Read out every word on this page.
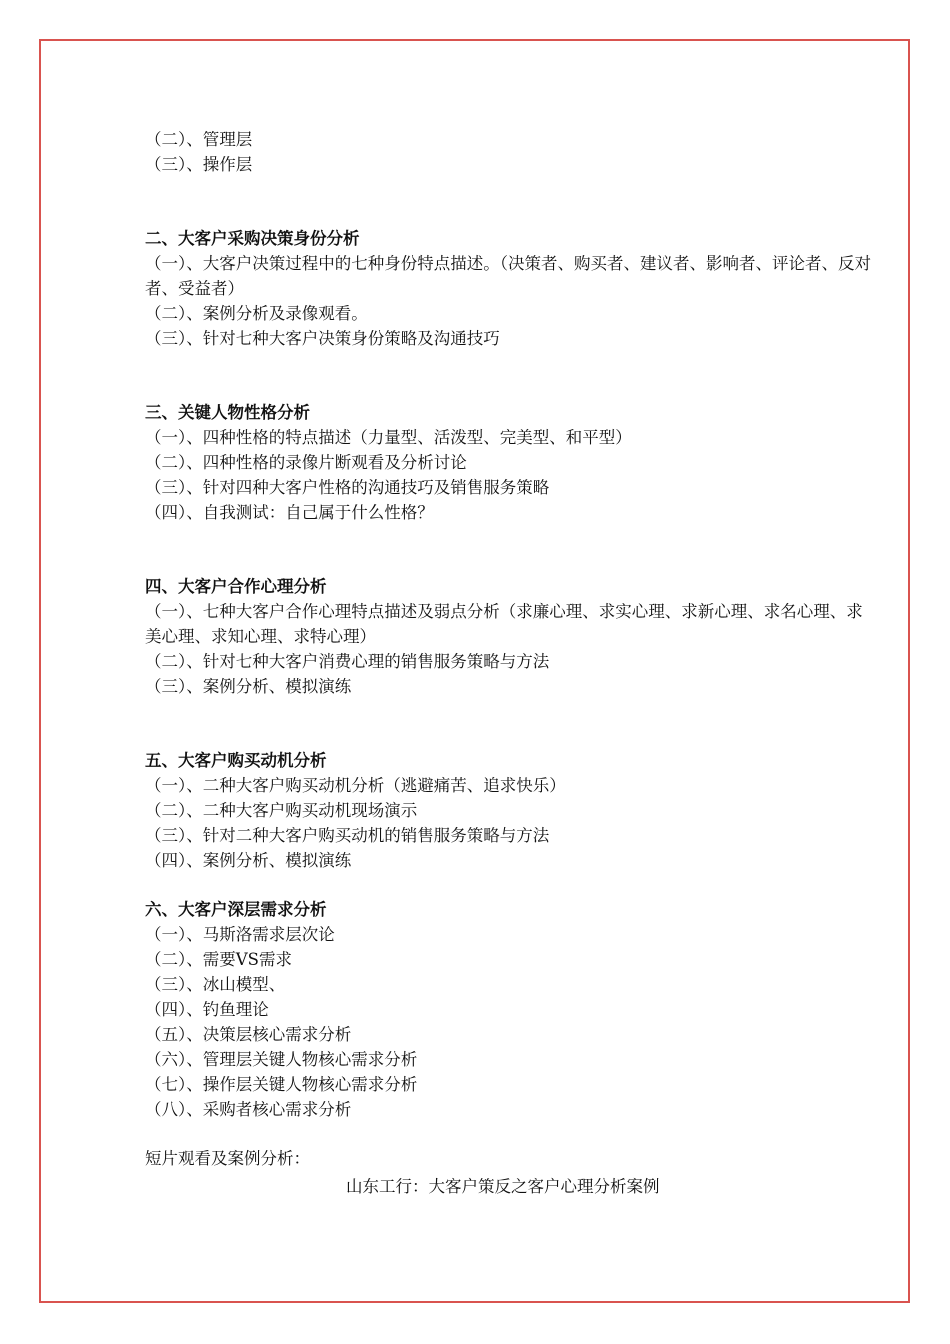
（二）、管理层
（三）、操作层
二、大客户采购决策身份分析
（一）、大客户决策过程中的七种身份特点描述。（决策者、购买者、建议者、影响者、评论者、反对者、受益者）
（二）、案例分析及录像观看。
（三）、针对七种大客户决策身份策略及沟通技巧
三、关键人物性格分析
（一）、四种性格的特点描述（力量型、活泼型、完美型、和平型）
（二）、四种性格的录像片断观看及分析讨论
（三）、针对四种大客户性格的沟通技巧及销售服务策略
（四）、自我测试：自己属于什么性格？
四、大客户合作心理分析
（一）、七种大客户合作心理特点描述及弱点分析（求廉心理、求实心理、求新心理、求名心理、求美心理、求知心理、求特心理）
（二）、针对七种大客户消费心理的销售服务策略与方法
（三）、案例分析、模拟演练
五、大客户购买动机分析
（一）、二种大客户购买动机分析（逃避痛苦、追求快乐）
（二）、二种大客户购买动机现场演示
（三）、针对二种大客户购买动机的销售服务策略与方法
（四）、案例分析、模拟演练
六、大客户深层需求分析
（一）、马斯洛需求层次论
（二）、需要VS需求
（三）、冰山模型、
（四）、钓鱼理论
（五）、决策层核心需求分析
（六）、管理层关键人物核心需求分析
（七）、操作层关键人物核心需求分析
（八）、采购者核心需求分析
短片观看及案例分析：
山东工行：大客户策反之客户心理分析案例
